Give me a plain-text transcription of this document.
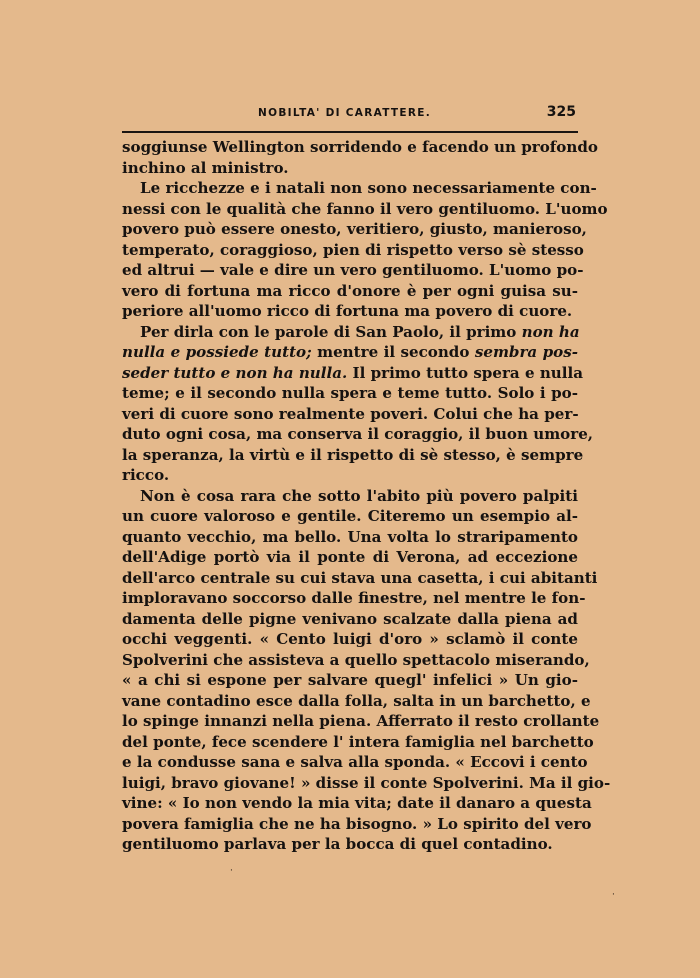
NOBILTA' DI CARATTERE.	325
soggiunse Wellington sorridendo e facendo un profondo
inchino al ministro.
Le ricchezze e i natali non sono necessariamente con-
nessi con le qualità che fanno il vero gentiluomo. L'uomo
povero può essere onesto, veritiero, giusto, manieroso,
temperato, coraggioso, pien di rispetto verso sè stesso
ed altrui — vale e dire un vero gentiluomo. L'uomo po-
vero di fortuna ma ricco d'onore è per ogni guisa su-
periore all'uomo ricco di fortuna ma povero di cuore.
Per dirla con le parole di San Paolo, il primo non ha
nulla e possiede tutto; mentre il secondo sembra pos-
seder tutto e non ha nulla. Il primo tutto spera e nulla
teme; e il secondo nulla spera e teme tutto. Solo i po-
veri di cuore sono realmente poveri. Colui che ha per-
duto ogni cosa, ma conserva il coraggio, il buon umore,
la speranza, la virtù e il rispetto di sè stesso, è sempre
ricco.
Non è cosa rara che sotto l'abito più povero palpiti
un cuore valoroso e gentile. Citeremo un esempio al-
quanto vecchio, ma bello. Una volta lo straripamento
dell'Adige portò via il ponte di Verona, ad eccezione
dell'arco centrale su cui stava una casetta, i cui abitanti
imploravano soccorso dalle finestre, nel mentre le fon-
damenta delle pigne venivano scalzate dalla piena ad
occhi veggenti. « Cento luigi d'oro » sclamò il conte
Spolverini che assisteva a quello spettacolo miserando,
« a chi si espone per salvare quegl' infelici » Un gio-
vane contadino esce dalla folla, salta in un barchetto, e
lo spinge innanzi nella piena. Afferrato il resto crollante
del ponte, fece scendere l' intera famiglia nel barchetto
e la condusse sana e salva alla sponda. « Eccovi i cento
luigi, bravo giovane! » disse il conte Spolverini. Ma il gio-
vine: « Io non vendo la mia vita; date il danaro a questa
povera famiglia che ne ha bisogno. » Lo spirito del vero
gentiluomo parlava per la bocca di quel contadino.
·
·
